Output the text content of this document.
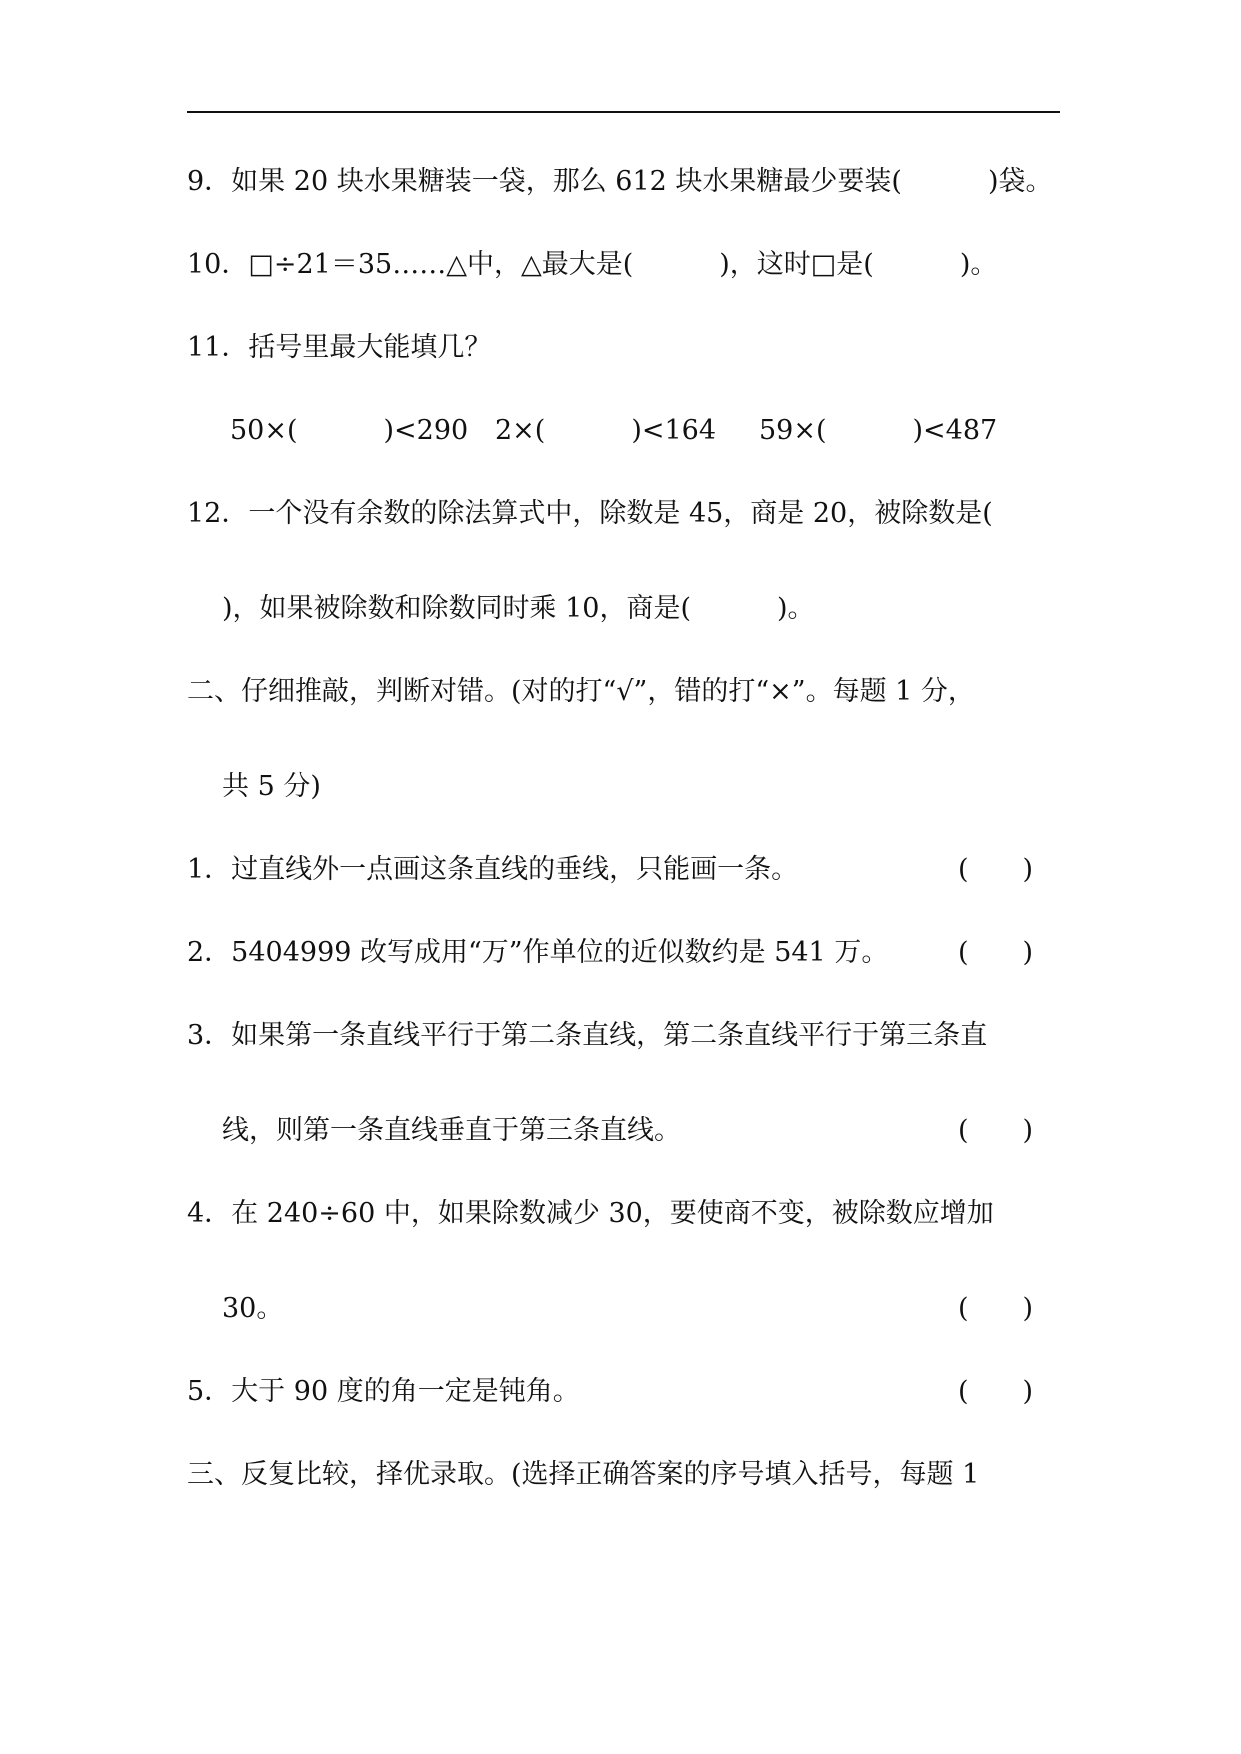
9．如果 20 块水果糖装一袋，那么 612 块水果糖最少要装(	)袋。
10．□÷21＝35……△中，△最大是(	)，这时□是(	)。
11．括号里最大能填几？
50×(	)<290 2×(	)<164 59×(	)<487
12．一个没有余数的除法算式中，除数是 45，商是 20，被除数是(
)，如果被除数和除数同时乘 10，商是(	)。
二、仔细推敲，判断对错。(对的打“√”，错的打“×”。每题 1 分，
共 5 分)
1．过直线外一点画这条直线的垂线，只能画一条。	(　　)
2．5404999 改写成用“万”作单位的近似数约是 541 万。	(　　)
3．如果第一条直线平行于第二条直线，第二条直线平行于第三条直
线，则第一条直线垂直于第三条直线。	(　　)
4．在 240÷60 中，如果除数减少 30，要使商不变，被除数应增加
30。	(　　)
5．大于 90 度的角一定是钝角。	(　　)
三、反复比较，择优录取。(选择正确答案的序号填入括号，每题 1
